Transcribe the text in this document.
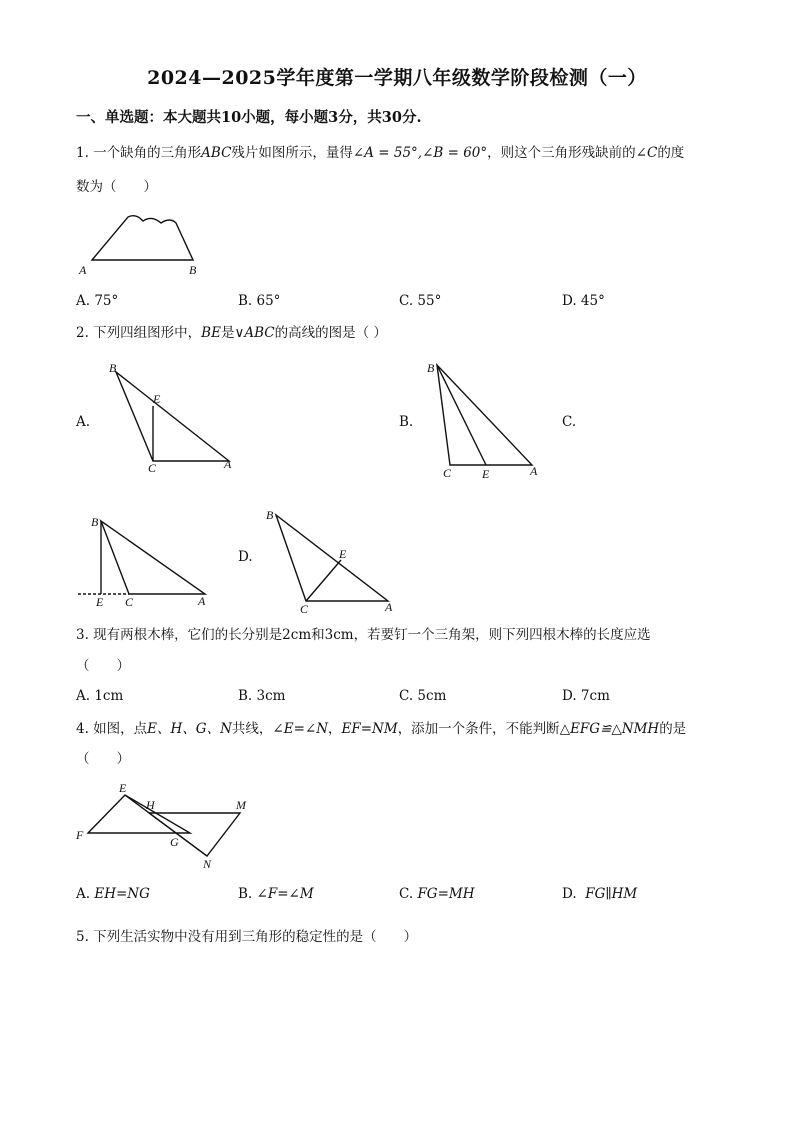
2024—2025学年度第一学期八年级数学阶段检测（一）
一、单选题：本大题共10小题，每小题3分，共30分.
1. 一个缺角的三角形ABC残片如图所示，量得∠A = 55°,∠B = 60°，则这个三角形残缺前的∠C的度
数为（　　）
A	B
A. 75°	B. 65°	C. 55°	D. 45°
2. 下列四组图形中，BE是∨ABC的高线的图是（ ）
A.	B.	C.
D.
B
E
C	A
B
C	E	A
B
E C	A
B
E
C	A
3. 现有两根木棒，它们的长分别是2cm和3cm，若要钉一个三角架，则下列四根木棒的长度应选
（　　）
A. 1cm	B. 3cm	C. 5cm	D. 7cm
4. 如图，点E、H、G、N共线，∠E=∠N，EF=NM，添加一个条件，不能判断△EFG≌△NMH的是
（　　）
E
H	M
F	G
N
A. EH=NG	B. ∠F=∠M	C. FG=MH	D. FG∥HM
5. 下列生活实物中没有用到三角形的稳定性的是（　　）
